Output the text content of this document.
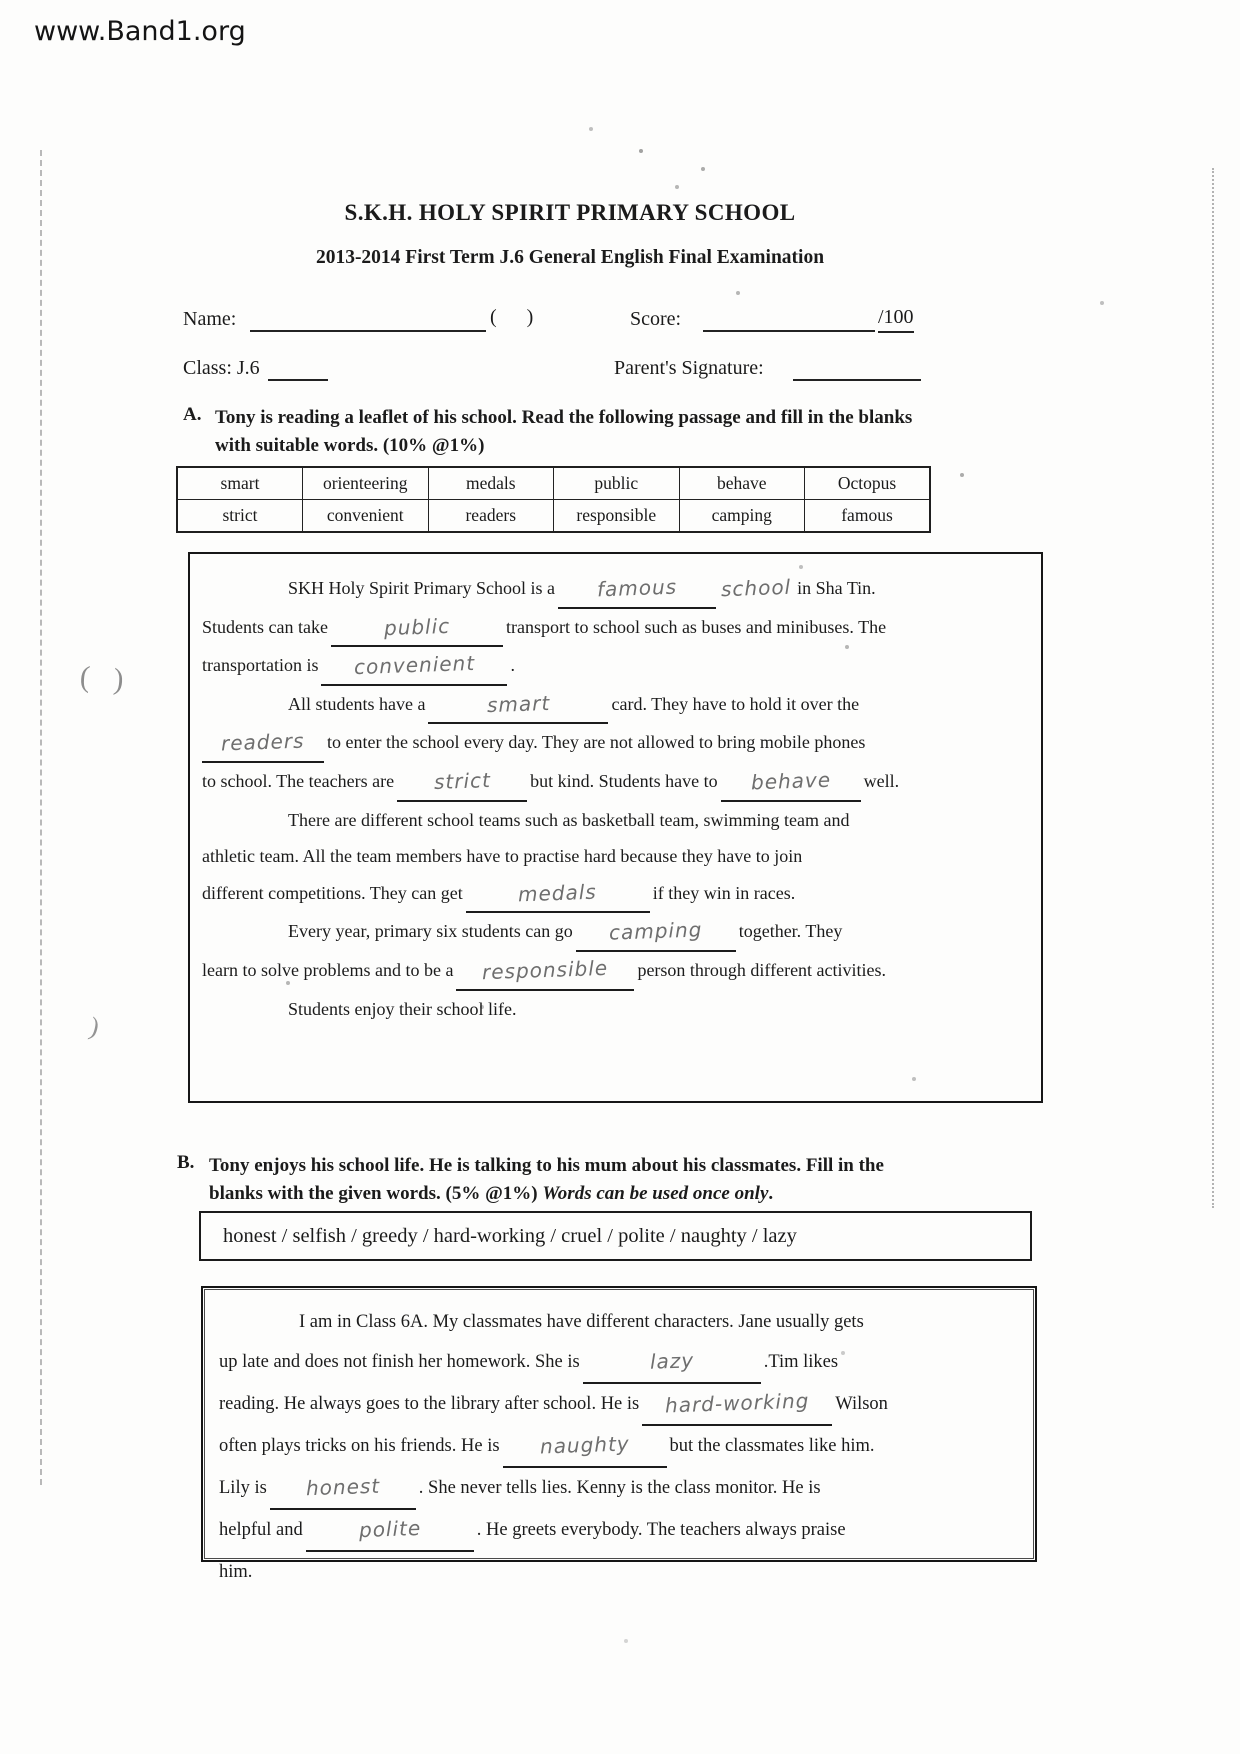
www.Band1.org
S.K.H. HOLY SPIRIT PRIMARY SCHOOL
2013-2014 First Term J.6 General English Final Examination
Name:	(      )	Score:	/100
Class: J.6	Parent's Signature:
A. Tony is reading a leaflet of his school. Read the following passage and fill in the blanks
with suitable words. (10% @1%)
smart	orienteering	medals	public	behave	Octopus
strict	convenient	readers	responsible	camping	famous
SKH Holy Spirit Primary School is a famous school in Sha Tin.
Students can take	public	transport to school such as buses and minibuses. The
transportation is convenient .
All students have a	smart	card. They have to hold it over the
readers to enter the school every day. They are not allowed to bring mobile phones
to school. The teachers are strict but kind. Students have to behave well.
There are different school teams such as basketball team, swimming team and
athletic team. All the team members have to practise hard because they have to join
different competitions. They can get	medals	if they win in races.
Every year, primary six students can go camping together. They
learn to solve problems and to be a responsible person through different activities.
Students enjoy their school life.
( )
)
B. Tony enjoys his school life. He is talking to his mum about his classmates. Fill in the
blanks with the given words. (5% @1%) Words can be used once only.
honest / selfish / greedy / hard-working / cruel / polite / naughty / lazy
I am in Class 6A. My classmates have different characters. Jane usually gets
up late and does not finish her homework. She is	lazy	.Tim likes
reading. He always goes to the library after school. He is hard-working Wilson
often plays tricks on his friends. He is naughty but the classmates like him.
Lily is honest . She never tells lies. Kenny is the class monitor. He is
helpful and	polite	. He greets everybody. The teachers always praise
him.
